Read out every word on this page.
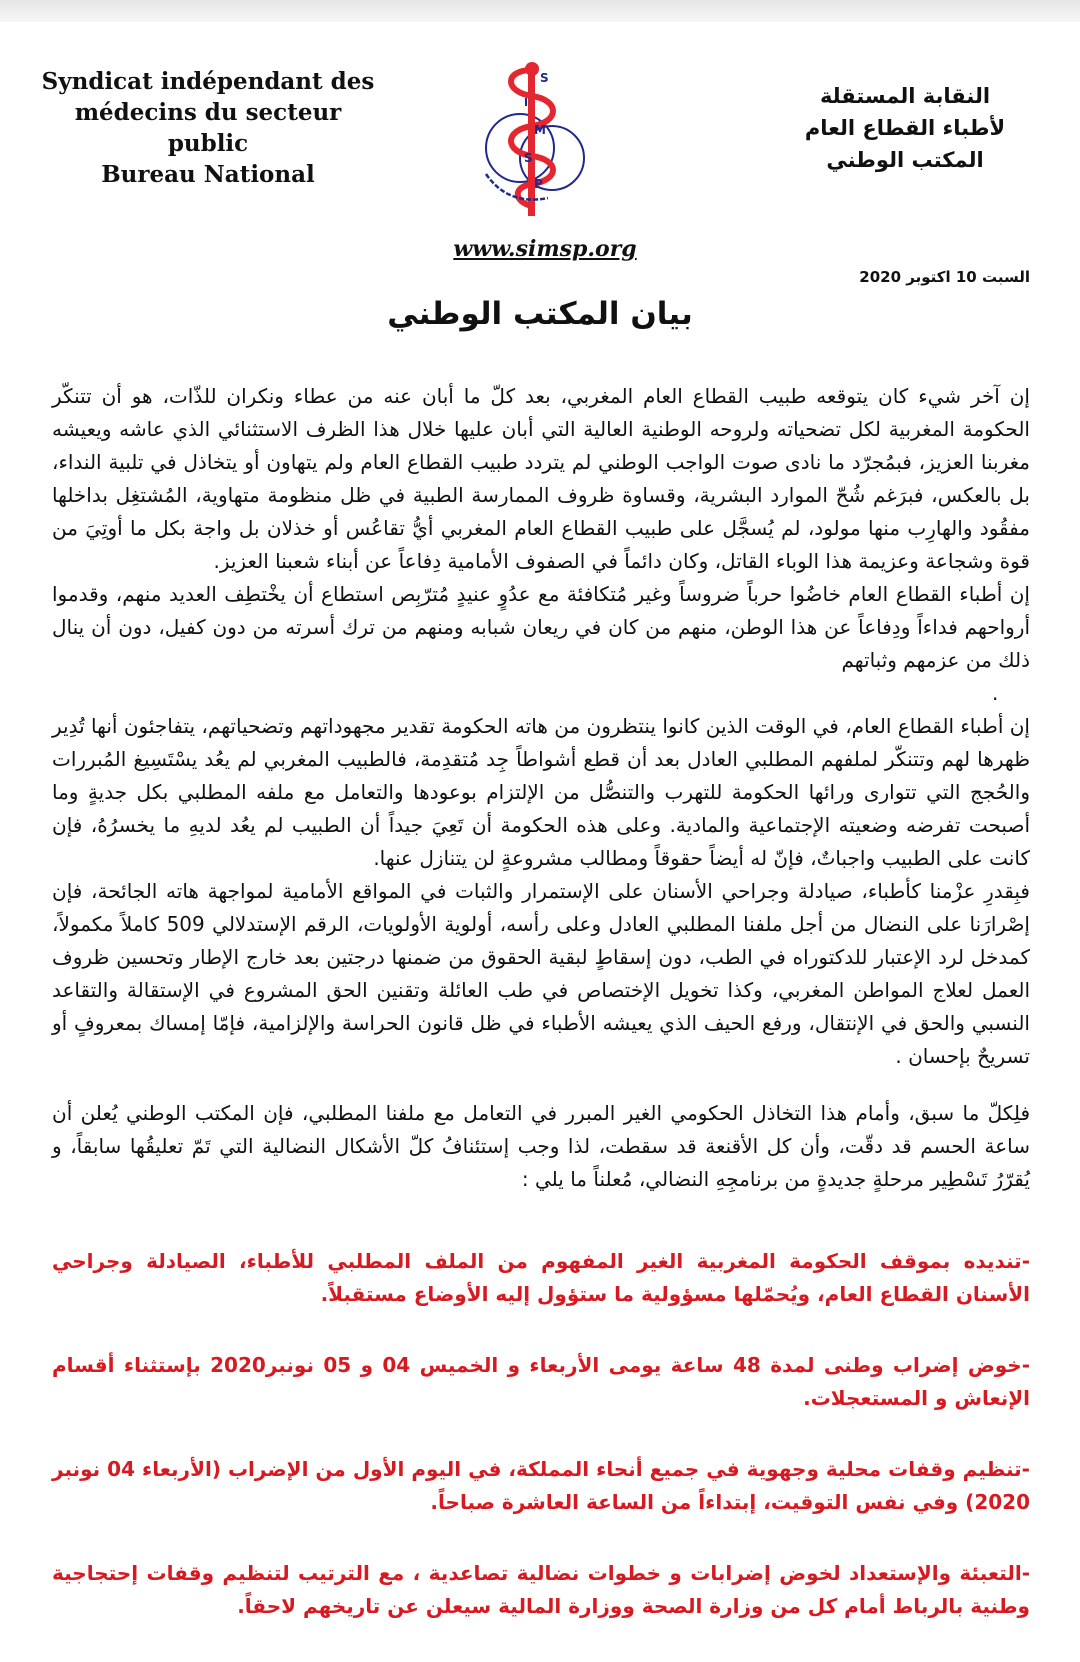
Syndicat indépendant des
médecins du secteur public
Bureau National
S
I
M
S
P
النقابة المستقلة
لأطباء القطاع العام
المكتب الوطني
www.simsp.org
السبت 10 اكتوبر 2020
بيان المكتب الوطني

إن آخر شيء كان يتوقعه طبيب القطاع العام المغربي، بعد كلّ ما أبان عنه من عطاء ونكران للذّات، هو أن تتنكّر الحكومة المغربية لكل تضحياته ولروحه الوطنية العالية التي أبان عليها خلال هذا الظرف الاستثنائي الذي عاشه ويعيشه مغربنا العزيز، فبمُجرّد ما نادى صوت الواجب الوطني لم يتردد طبيب القطاع العام ولم يتهاون أو يتخاذل في تلبية النداء، بل بالعكس، فبرَغم شُحّ الموارد البشرية، وقساوة ظروف الممارسة الطبية في ظل منظومة متهاوية، المُشتغِل بداخلها مفقُود والهارِب منها مولود، لم يُسجَّل على طبيب القطاع العام المغربي أيُّ تقاعُس أو خذلان بل واجة بكل ما أوتِيَ من قوة وشجاعة وعزيمة هذا الوباء القاتل، وكان دائماً في الصفوف الأمامية دِفاعاً عن أبناء شعبنا العزيز.

إن أطباء القطاع العام خاضُوا حرباً ضروساً وغير مُتكافئة مع عدُوٍ عنيدٍ مُترّبِص استطاع أن يخْتطِف العديد منهم، وقدموا أرواحهم فداءاً ودِفاعاً عن هذا الوطن، منهم من كان في ريعان شبابه ومنهم من ترك أسرته من دون كفيل، دون أن ينال ذلك من عزمهم وثباتهم

.

إن أطباء القطاع العام، في الوقت الذين كانوا ينتظرون من هاته الحكومة تقدير مجهوداتهم وتضحياتهم، يتفاجئون أنها تُدِير ظهرها لهم وتتنكّر لملفهم المطلبي العادل بعد أن قطع أشواطاً جِد مُتقدِمة، فالطبيب المغربي لم يعُد يسْتَسِيغ المُبررات والحُجج التي تتوارى ورائها الحكومة للتهرب والتنصُّل من الإلتزام بوعودها والتعامل مع ملفه المطلبي بكل جديةٍ وما أصبحت تفرضه وضعيته الإجتماعية والمادية. وعلى هذه الحكومة أن تَعِيَ جيداً أن الطبيب لم يعُد لديهِ ما يخسرُهُ، فإن كانت على الطبيب واجباتٌ، فإنّ له أيضاً حقوقاً ومطالب مشروعةٍ لن يتنازل عنها.

فبِقدرِ عزْمنا كأطباء، صيادلة وجراحي الأسنان على الإستمرار والثبات في المواقع الأمامية لمواجهة هاته الجائحة، فإن إصْرارَنا على النضال من أجل ملفنا المطلبي العادل وعلى رأسه، أولوية الأولويات، الرقم الإستدلالي 509 كاملاً مكمولاً، كمدخل لرد الإعتبار للدكتوراه في الطب، دون إسقاطٍ لبقية الحقوق من ضمنها درجتين بعد خارج الإطار وتحسين ظروف العمل لعلاج المواطن المغربي، وكذا تخويل الإختصاص في طب العائلة وتقنين الحق المشروع في الإستقالة والتقاعد النسبي والحق في الإنتقال، ورفع الحيف الذي يعيشه الأطباء في ظل قانون الحراسة والإلزامية، فإمّا إمساك بمعروفٍ أو تسريحٌ بإحسان .

فلِكلّ ما سبق، وأمام هذا التخاذل الحكومي الغير المبرر في التعامل مع ملفنا المطلبي، فإن المكتب الوطني يُعلن أن ساعة الحسم قد دقّت، وأن كل الأقنعة قد سقطت، لذا وجب إستئنافُ كلّ الأشكال النضالية التي تَمّ تعليقُها سابقاً، و يُقرّرُ تَسْطِير مرحلةٍ جديدةٍ من برنامجِهِ النضالي، مُعلناً ما يلي :

-تنديده بموقف الحكومة المغربية الغير المفهوم من الملف المطلبي للأطباء، الصيادلة وجراحي الأسنان القطاع العام، ويُحمّلها مسؤولية ما ستؤول إليه الأوضاع مستقبلاً.

-خوض إضراب وطنى لمدة 48 ساعة يومى الأربعاء و الخميس 04 و 05 نونبر2020 بإستثناء أقسام الإنعاش و المستعجلات.

-تنظيم وقفات محلية وجهوية في جميع أنحاء المملكة، في اليوم الأول من الإضراب (الأربعاء 04 نونبر 2020) وفي نفس التوقيت، إبتداءاً من الساعة العاشرة صباحاً.

-التعبئة والإستعداد لخوض إضرابات و خطوات نضالية تصاعدية ، مع الترتيب لتنظيم وقفات إحتجاجية وطنية بالرباط أمام كل من وزارة الصحة ووزارة المالية سيعلن عن تاريخهم لاحقاً.
